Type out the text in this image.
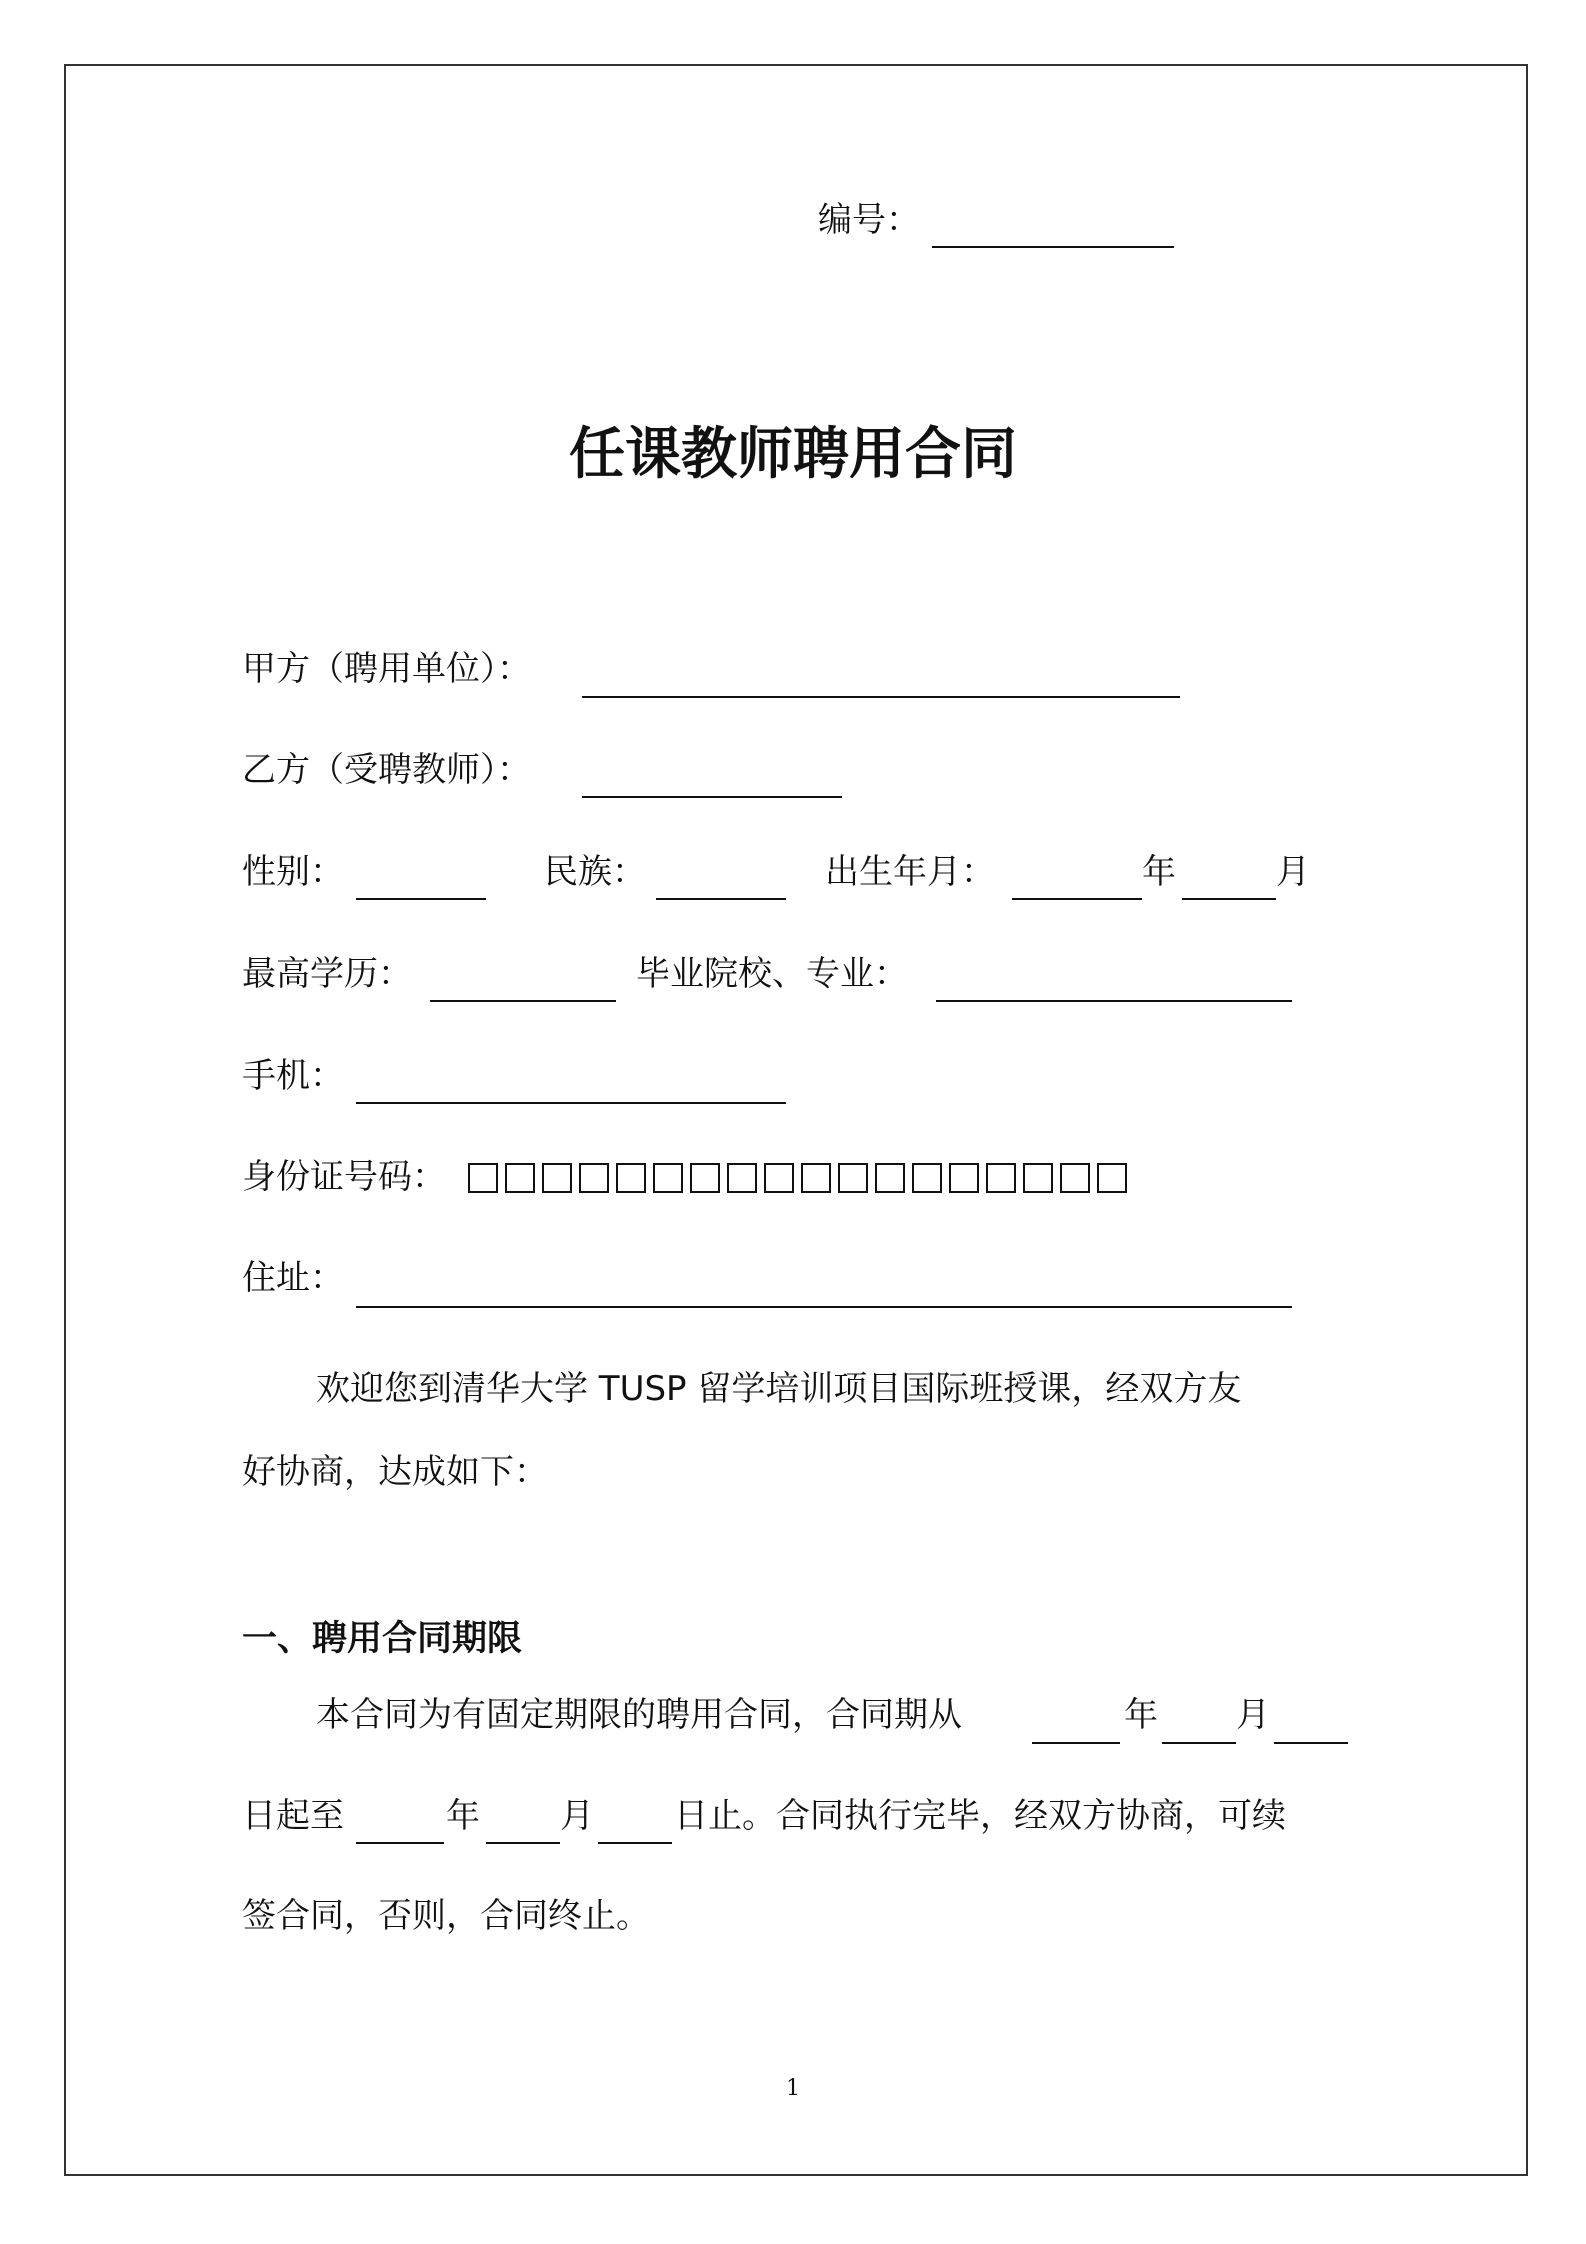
编号：
任课教师聘用合同
甲方（聘用单位）：
乙方（受聘教师）：
性别：	民族：	出生年月：	年	月
最高学历：	毕业院校、专业：
手机：
身份证号码：
住址：
欢迎您到清华大学 TUSP 留学培训项目国际班授课，经双方友
好协商，达成如下：
一、聘用合同期限
本合同为有固定期限的聘用合同，合同期从	年 月
日起至	年 月 日止。合同执行完毕，经双方协商，可续
签合同，否则，合同终止。
1
